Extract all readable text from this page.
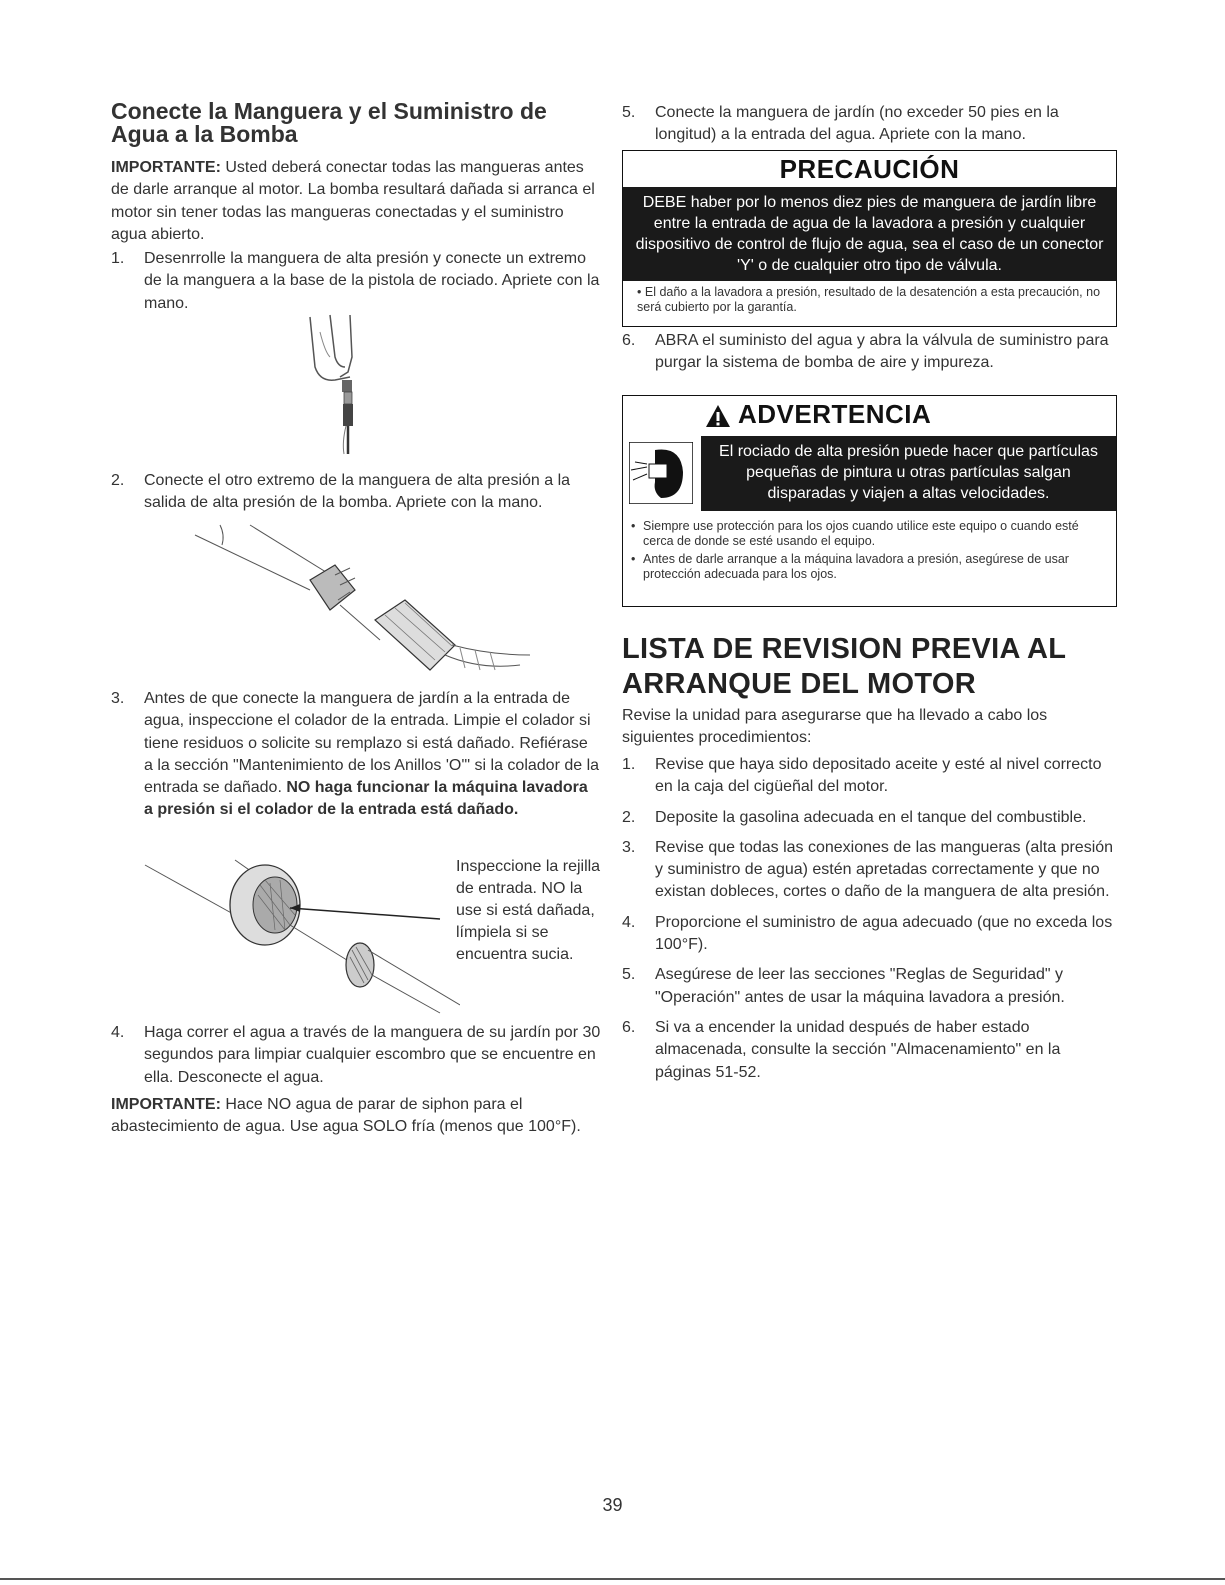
Conecte la Manguera y el Suministro de Agua a la Bomba
IMPORTANTE: Usted deberá conectar todas las mangueras antes de darle arranque al motor. La bomba resultará dañada si arranca el motor sin tener todas las mangueras conectadas y el suministro agua abierto.
1.	Desenrrolle la manguera de alta presión y conecte un extremo de la manguera a la base de la pistola de rociado. Apriete con la mano.
2.	Conecte el otro extremo de la manguera de alta presión a la salida de alta presión de la bomba. Apriete con la mano.
3.	Antes de que conecte la manguera de jardín a la entrada de agua, inspeccione el colador de la entrada. Limpie el colador si tiene residuos o solicite su remplazo si está dañado. Refiérase a la sección "Mantenimiento de los Anillos 'O'" si la colador de la entrada se dañado. NO haga funcionar la máquina lavadora a presión si el colador de la entrada está dañado.
Inspeccione la rejilla de entrada. NO la use si está dañada, límpiela si se encuentra sucia.
4.	Haga correr el agua a través de la manguera de su jardín por 30 segundos para limpiar cualquier escombro que se encuentre en ella. Desconecte el agua.
IMPORTANTE: Hace NO agua de parar de siphon para el abastecimiento de agua. Use agua SOLO fría (menos que 100°F).
5.	Conecte la manguera de jardín (no exceder 50 pies en la longitud) a la entrada del agua. Apriete con la mano.
PRECAUCIÓN
DEBE haber por lo menos diez pies de manguera de jardín libre entre la entrada de agua de la lavadora a presión y cualquier dispositivo de control de flujo de agua, sea el caso de un conector 'Y' o de cualquier otro tipo de válvula.
• El daño a la lavadora a presión, resultado de la desatención a esta precaución, no será cubierto por la garantía.
6.	ABRA el suministo del agua y abra la válvula de suministro para purgar la sistema de bomba de aire y impureza.
ADVERTENCIA
El rociado de alta presión puede hacer que partículas pequeñas de pintura u otras partículas salgan disparadas y viajen a altas velocidades.
• Siempre use protección para los ojos cuando utilice este equipo o cuando esté cerca de donde se esté usando el equipo.
• Antes de darle arranque a la máquina lavadora a presión, asegúrese de usar protección adecuada para los ojos.
LISTA DE REVISION PREVIA AL
ARRANQUE DEL MOTOR
Revise la unidad para asegurarse que ha llevado a cabo los siguientes procedimientos:
1.	Revise que haya sido depositado aceite y esté al nivel correcto en la caja del cigüeñal del motor.
2.	Deposite la gasolina adecuada en el tanque del combustible.
3.	Revise que todas las conexiones de las mangueras (alta presión y suministro de agua) estén apretadas correctamente y que no existan dobleces, cortes o daño de la manguera de alta presión.
4.	Proporcione el suministro de agua adecuado (que no exceda los 100°F).
5.	Asegúrese de leer las secciones "Reglas de Seguridad" y "Operación" antes de usar la máquina lavadora a presión.
6.	Si va a encender la unidad después de haber estado almacenada, consulte la sección "Almacenamiento" en la páginas 51-52.
39
